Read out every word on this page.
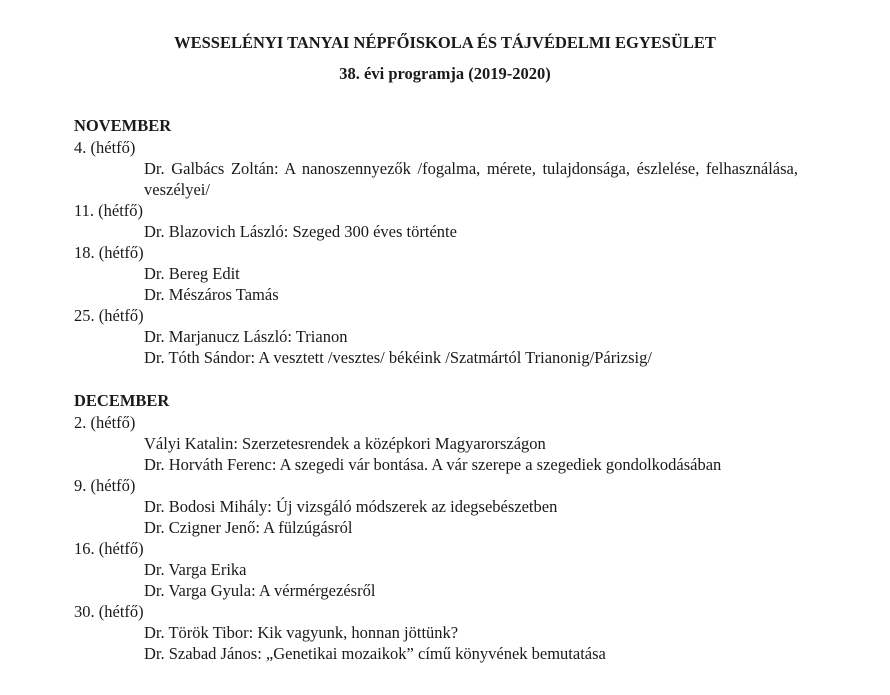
WESSELÉNYI TANYAI NÉPFŐISKOLA ÉS TÁJVÉDELMI EGYESÜLET
38. évi programja (2019-2020)
NOVEMBER
4. (hétfő)
Dr. Galbács Zoltán: A nanoszennyezők /fogalma, mérete, tulajdonsága, észlelése, felhasználása, veszélyei/
11. (hétfő)
Dr. Blazovich László: Szeged 300 éves történte
18. (hétfő)
Dr. Bereg Edit
Dr. Mészáros Tamás
25. (hétfő)
Dr. Marjanucz László: Trianon
Dr. Tóth Sándor: A vesztett /vesztes/ békéink /Szatmártól Trianonig/Párizsig/
DECEMBER
2. (hétfő)
Vályi Katalin: Szerzetesrendek a középkori Magyarországon
Dr. Horváth Ferenc: A szegedi vár bontása. A vár szerepe a szegediek gondolkodásában
9. (hétfő)
Dr. Bodosi Mihály: Új vizsgáló módszerek az idegsebészetben
Dr. Czigner Jenő: A fülzúgásról
16. (hétfő)
Dr. Varga Erika
Dr. Varga Gyula: A vérmérgezésről
30. (hétfő)
Dr. Török Tibor: Kik vagyunk, honnan jöttünk?
Dr. Szabad János: „Genetikai mozaikok” című könyvének bemutatása
